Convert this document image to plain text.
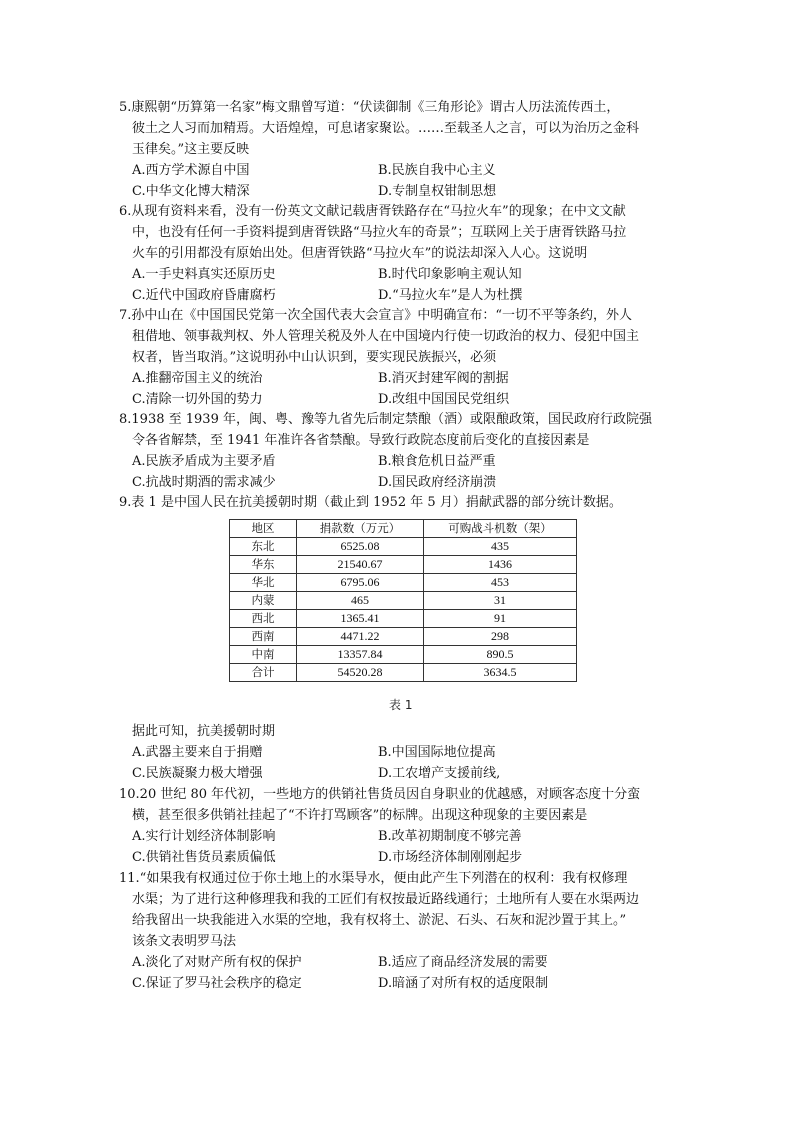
5.康熙朝“历算第一名家”梅文鼎曾写道：“伏读御制《三角形论》谓古人历法流传西土，
彼土之人习而加精焉。大语煌煌，可息诸家聚讼。……至载圣人之言，可以为治历之金科
玉律矣。”这主要反映
A.西方学术源自中国	B.民族自我中心主义
C.中华文化博大精深	D.专制皇权钳制思想
6.从现有资料来看，没有一份英文文献记载唐胥铁路存在“马拉火车”的现象；在中文文献
中，也没有任何一手资料提到唐胥铁路“马拉火车的奇景”；互联网上关于唐胥铁路马拉
火车的引用都没有原始出处。但唐胥铁路“马拉火车”的说法却深入人心。这说明
A.一手史料真实还原历史	B.时代印象影响主观认知
C.近代中国政府昏庸腐朽	D.“马拉火车”是人为杜撰
7.孙中山在《中国国民党第一次全国代表大会宣言》中明确宣布：“一切不平等条约，外人
租借地、领事裁判权、外人管理关税及外人在中国境内行使一切政治的权力、侵犯中国主
权者，皆当取消。”这说明孙中山认识到，要实现民族振兴，必须
A.推翻帝国主义的统治	B.消灭封建军阀的割据
C.清除一切外国的势力	D.改组中国国民党组织
8.1938 至 1939 年，闽、粤、豫等九省先后制定禁酿（酒）或限酿政策，国民政府行政院强
令各省解禁，至 1941 年准许各省禁酿。导致行政院态度前后变化的直接因素是
A.民族矛盾成为主要矛盾	B.粮食危机日益严重
C.抗战时期酒的需求减少	D.国民政府经济崩溃
9.表 1 是中国人民在抗美援朝时期（截止到 1952 年 5 月）捐献武器的部分统计数据。
地区	捐款数（万元）	可购战斗机数（架）
东北	6525.08	435
华东	21540.67	1436
华北	6795.06	453
内蒙	465	31
西北	1365.41	91
西南	4471.22	298
中南	13357.84	890.5
合计	54520.28	3634.5
表 1
据此可知，抗美援朝时期
A.武器主要来自于捐赠	B.中国国际地位提高
C.民族凝聚力极大增强	D.工农增产支援前线,
10.20 世纪 80 年代初，一些地方的供销社售货员因自身职业的优越感，对顾客态度十分蛮
横，甚至很多供销社挂起了“不许打骂顾客”的标牌。出现这种现象的主要因素是
A.实行计划经济体制影响	B.改革初期制度不够完善
C.供销社售货员素质偏低	D.市场经济体制刚刚起步
11.“如果我有权通过位于你土地上的水渠导水，便由此产生下列潜在的权利：我有权修理
水渠；为了进行这种修理我和我的工匠们有权按最近路线通行；土地所有人要在水渠两边
给我留出一块我能进入水渠的空地，我有权将土、淤泥、石头、石灰和泥沙置于其上。”
该条文表明罗马法
A.淡化了对财产所有权的保护	B.适应了商品经济发展的需要
C.保证了罗马社会秩序的稳定	D.暗涵了对所有权的适度限制
